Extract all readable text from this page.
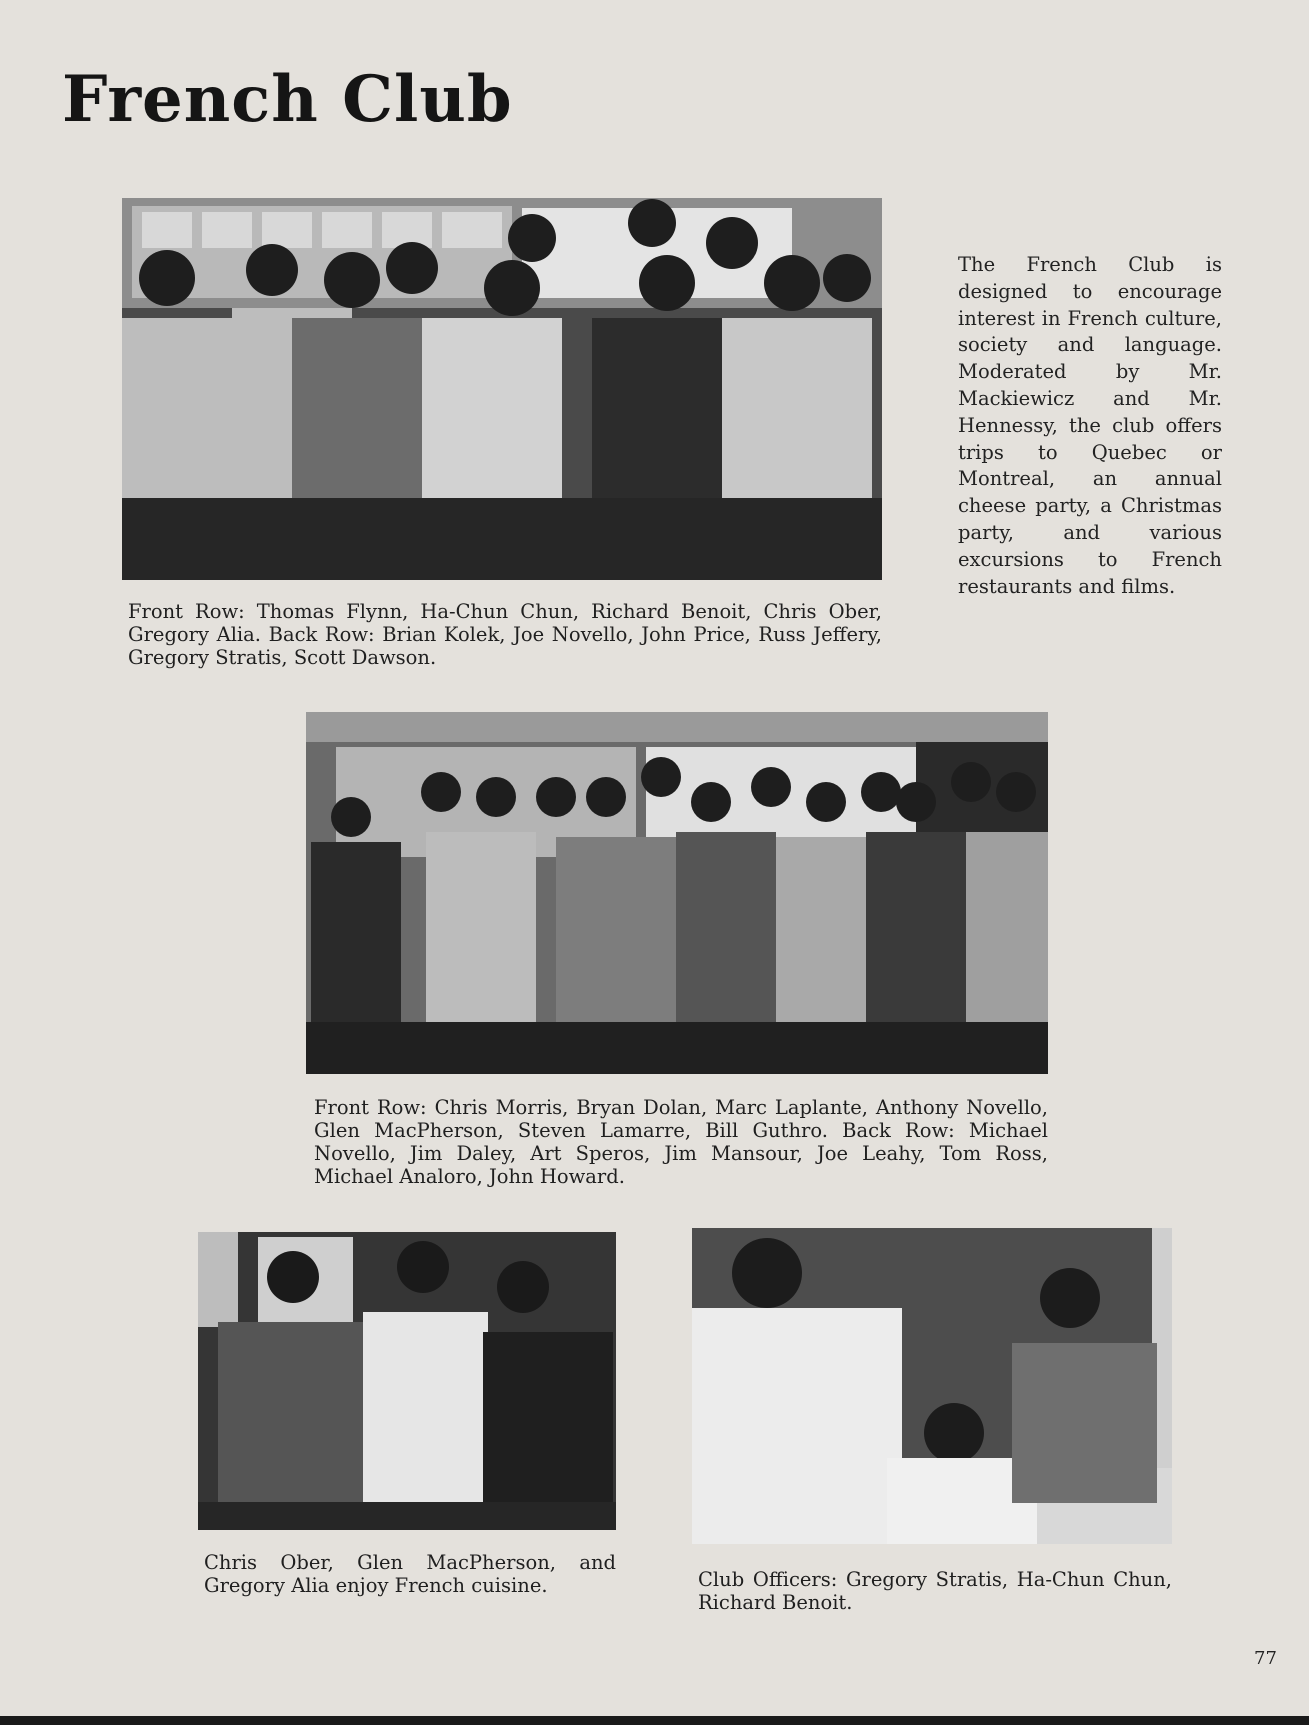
French Club

Front Row: Thomas Flynn, Ha-Chun Chun, Richard Benoit, Chris Ober, Gregory Alia. Back Row: Brian Kolek, Joe Novello, John Price, Russ Jeffery, Gregory Stratis, Scott Dawson.

The French Club is designed to encourage interest in French culture, society and language. Moderated by Mr. Mackiewicz and Mr. Hennessy, the club offers trips to Quebec or Montreal, an annual cheese party, a Christmas party, and various excursions to French restaurants and films.

Front Row: Chris Morris, Bryan Dolan, Marc Laplante, Anthony Novello, Glen MacPherson, Steven Lamarre, Bill Guthro. Back Row: Michael Novello, Jim Daley, Art Speros, Jim Mansour, Joe Leahy, Tom Ross, Michael Analoro, John Howard.

Chris Ober, Glen MacPherson, and Gregory Alia enjoy French cuisine.	Club Officers: Gregory Stratis, Ha-Chun Chun, Richard Benoit.

77
